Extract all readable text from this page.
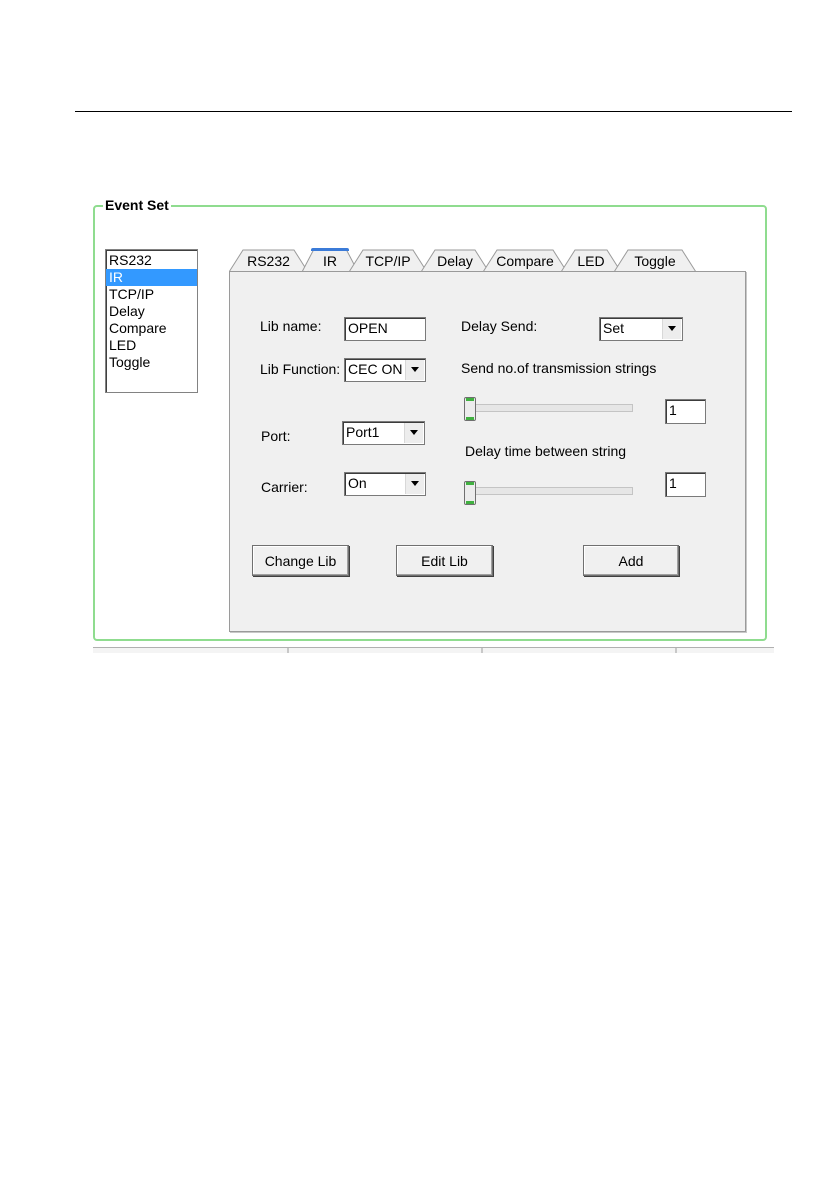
Event Set
RS232
IR
TCP/IP
Delay
Compare
LED
Toggle
RS232	IR	TCP/IP	Delay	Compare	LED	Toggle
Lib name: OPEN
Lib Function: CEC ON
Port:	Port1
Carrier:	On
Delay Send:	Set
Send no.of transmission strings
1
Delay time between string
1
Change Lib	Edit Lib	Add
